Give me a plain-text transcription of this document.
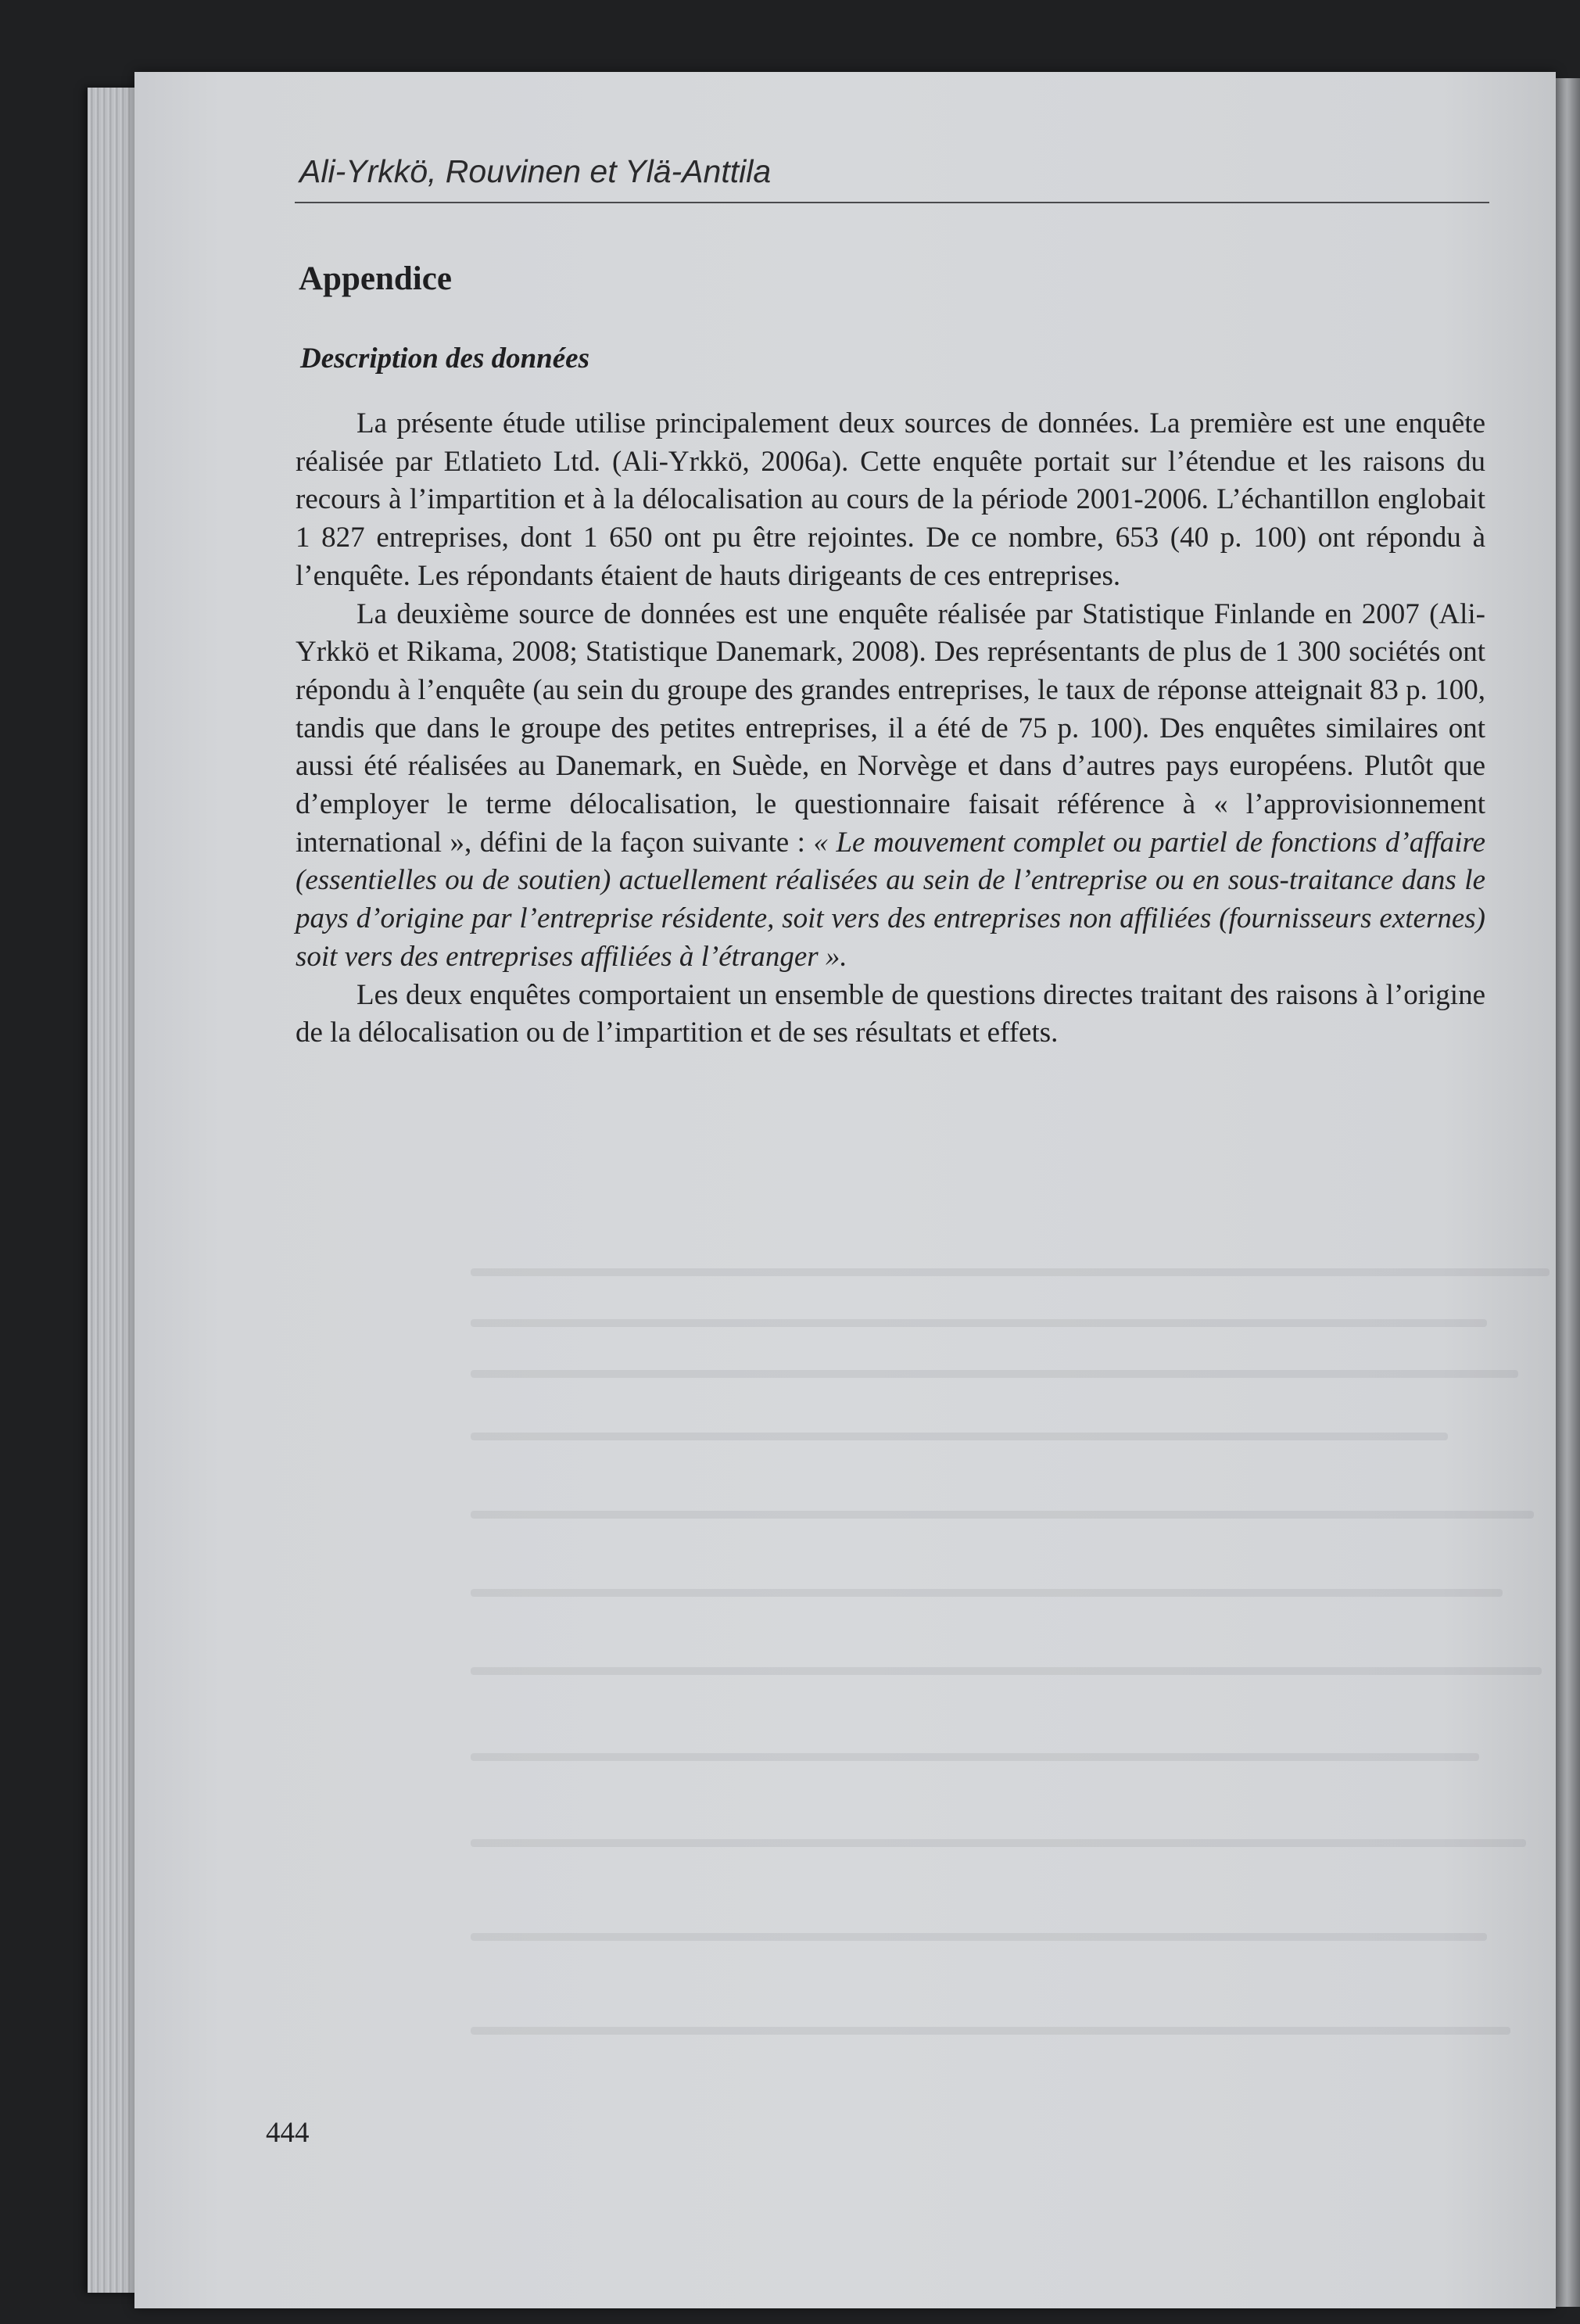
Ali-Yrkkö, Rouvinen et Ylä-Anttila
Appendice
Description des données

La présente étude utilise principalement deux sources de données. La première est une enquête réalisée par Etlatieto Ltd. (Ali-Yrkkö, 2006a). Cette enquête portait sur l’étendue et les raisons du recours à l’impartition et à la délocalisation au cours de la période 2001-2006. L’échantillon englobait 1 827 entreprises, dont 1 650 ont pu être rejointes. De ce nombre, 653 (40 p. 100) ont répondu à l’enquête. Les répondants étaient de hauts dirigeants de ces entreprises.

La deuxième source de données est une enquête réalisée par Statistique Finlande en 2007 (Ali-Yrkkö et Rikama, 2008; Statistique Danemark, 2008). Des représentants de plus de 1 300 sociétés ont répondu à l’enquête (au sein du groupe des grandes entreprises, le taux de réponse atteignait 83 p. 100, tandis que dans le groupe des petites entreprises, il a été de 75 p. 100). Des enquêtes similaires ont aussi été réalisées au Danemark, en Suède, en Norvège et dans d’autres pays européens. Plutôt que d’employer le terme délocalisation, le questionnaire faisait référence à « l’approvisionnement international », défini de la façon suivante : « Le mouvement complet ou partiel de fonctions d’affaire (essentielles ou de soutien) actuellement réalisées au sein de l’entreprise ou en sous-traitance dans le pays d’origine par l’entreprise résidente, soit vers des entreprises non affiliées (fournisseurs externes) soit vers des entreprises affiliées à l’étranger ».

Les deux enquêtes comportaient un ensemble de questions directes traitant des raisons à l’origine de la délocalisation ou de l’impartition et de ses résultats et effets.

444
